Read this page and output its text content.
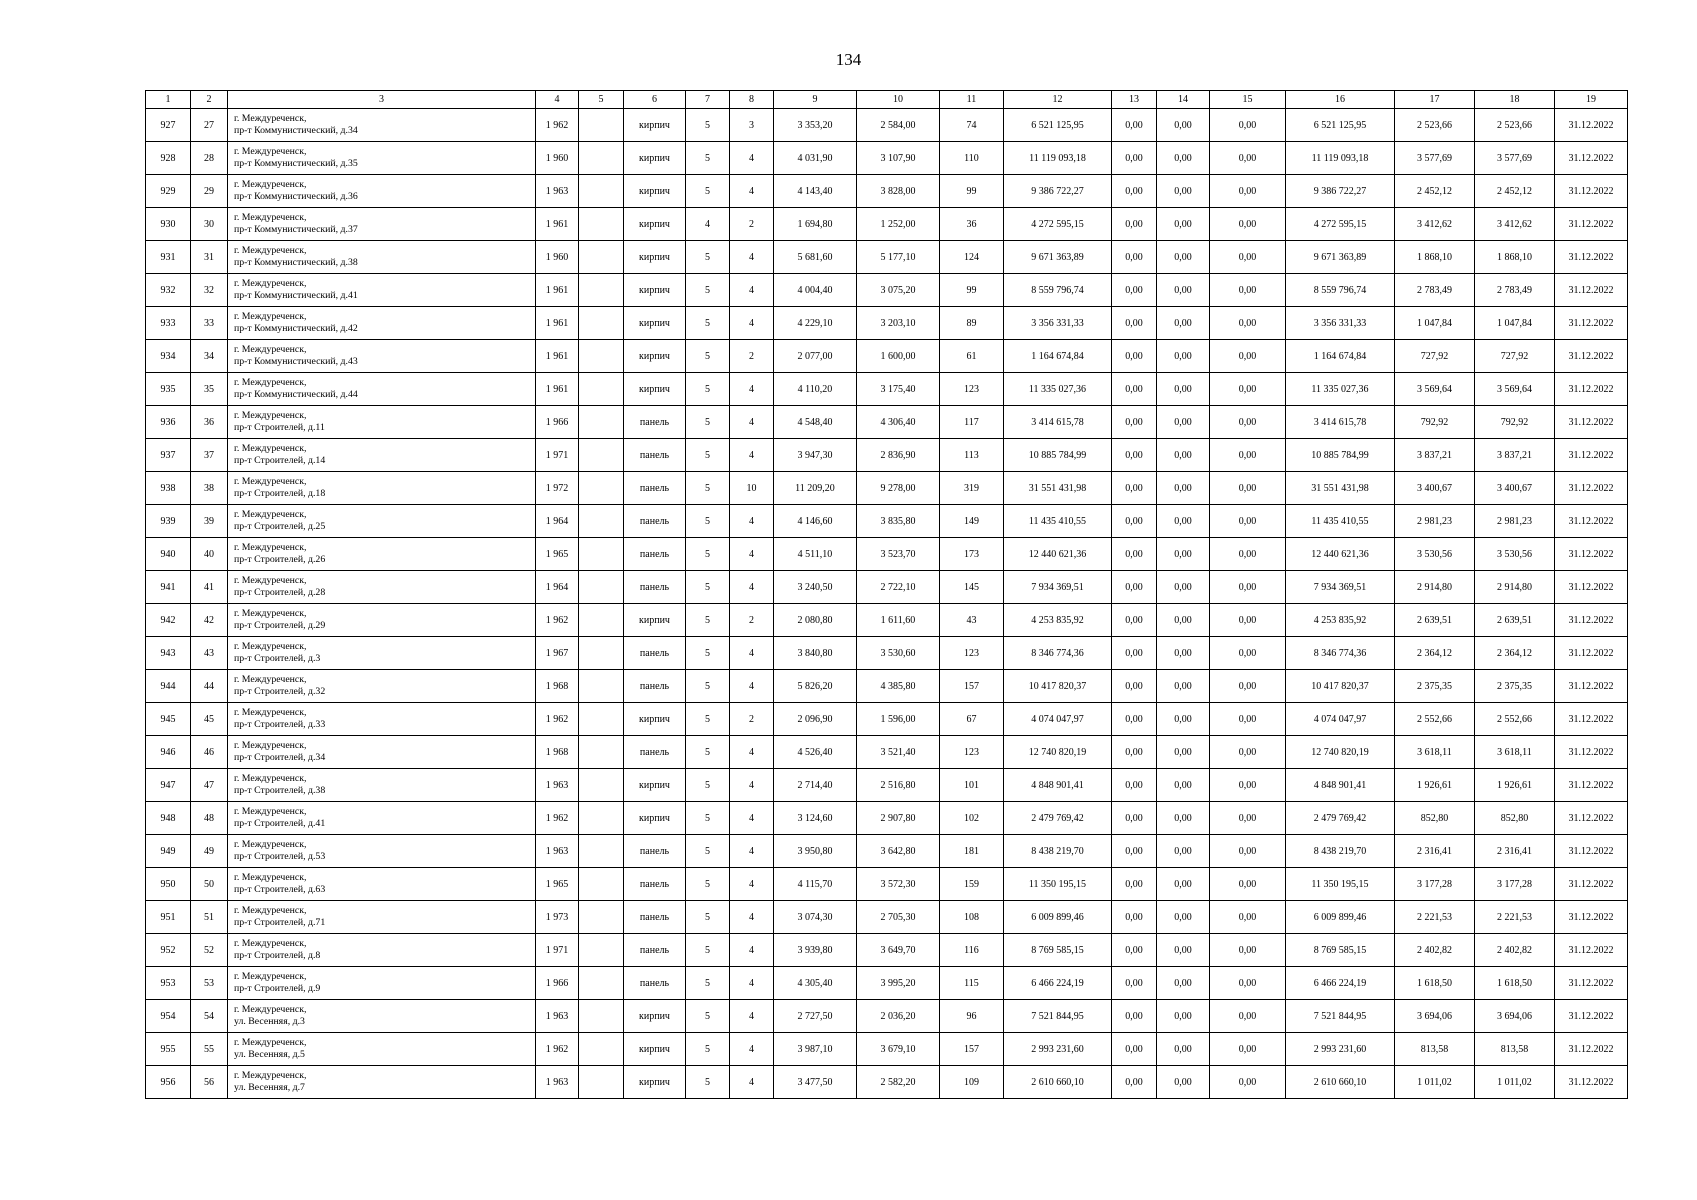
134
1	2	3	4	5	6	7	8	9	10	11	12	13	14	15	16	17	18	19
927	27	г. Междуреченск,
пр-т Коммунистический, д.34	1 962		кирпич	5	3	3 353,20	2 584,00	74	6 521 125,95	0,00	0,00	0,00	6 521 125,95	2 523,66	2 523,66	31.12.2022
928	28	г. Междуреченск,
пр-т Коммунистический, д.35	1 960		кирпич	5	4	4 031,90	3 107,90	110	11 119 093,18	0,00	0,00	0,00	11 119 093,18	3 577,69	3 577,69	31.12.2022
929	29	г. Междуреченск,
пр-т Коммунистический, д.36	1 963		кирпич	5	4	4 143,40	3 828,00	99	9 386 722,27	0,00	0,00	0,00	9 386 722,27	2 452,12	2 452,12	31.12.2022
930	30	г. Междуреченск,
пр-т Коммунистический, д.37	1 961		кирпич	4	2	1 694,80	1 252,00	36	4 272 595,15	0,00	0,00	0,00	4 272 595,15	3 412,62	3 412,62	31.12.2022
931	31	г. Междуреченск,
пр-т Коммунистический, д.38	1 960		кирпич	5	4	5 681,60	5 177,10	124	9 671 363,89	0,00	0,00	0,00	9 671 363,89	1 868,10	1 868,10	31.12.2022
932	32	г. Междуреченск,
пр-т Коммунистический, д.41	1 961		кирпич	5	4	4 004,40	3 075,20	99	8 559 796,74	0,00	0,00	0,00	8 559 796,74	2 783,49	2 783,49	31.12.2022
933	33	г. Междуреченск,
пр-т Коммунистический, д.42	1 961		кирпич	5	4	4 229,10	3 203,10	89	3 356 331,33	0,00	0,00	0,00	3 356 331,33	1 047,84	1 047,84	31.12.2022
934	34	г. Междуреченск,
пр-т Коммунистический, д.43	1 961		кирпич	5	2	2 077,00	1 600,00	61	1 164 674,84	0,00	0,00	0,00	1 164 674,84	727,92	727,92	31.12.2022
935	35	г. Междуреченск,
пр-т Коммунистический, д.44	1 961		кирпич	5	4	4 110,20	3 175,40	123	11 335 027,36	0,00	0,00	0,00	11 335 027,36	3 569,64	3 569,64	31.12.2022
936	36	г. Междуреченск,
пр-т Строителей, д.11	1 966		панель	5	4	4 548,40	4 306,40	117	3 414 615,78	0,00	0,00	0,00	3 414 615,78	792,92	792,92	31.12.2022
937	37	г. Междуреченск,
пр-т Строителей, д.14	1 971		панель	5	4	3 947,30	2 836,90	113	10 885 784,99	0,00	0,00	0,00	10 885 784,99	3 837,21	3 837,21	31.12.2022
938	38	г. Междуреченск,
пр-т Строителей, д.18	1 972		панель	5	10	11 209,20	9 278,00	319	31 551 431,98	0,00	0,00	0,00	31 551 431,98	3 400,67	3 400,67	31.12.2022
939	39	г. Междуреченск,
пр-т Строителей, д.25	1 964		панель	5	4	4 146,60	3 835,80	149	11 435 410,55	0,00	0,00	0,00	11 435 410,55	2 981,23	2 981,23	31.12.2022
940	40	г. Междуреченск,
пр-т Строителей, д.26	1 965		панель	5	4	4 511,10	3 523,70	173	12 440 621,36	0,00	0,00	0,00	12 440 621,36	3 530,56	3 530,56	31.12.2022
941	41	г. Междуреченск,
пр-т Строителей, д.28	1 964		панель	5	4	3 240,50	2 722,10	145	7 934 369,51	0,00	0,00	0,00	7 934 369,51	2 914,80	2 914,80	31.12.2022
942	42	г. Междуреченск,
пр-т Строителей, д.29	1 962		кирпич	5	2	2 080,80	1 611,60	43	4 253 835,92	0,00	0,00	0,00	4 253 835,92	2 639,51	2 639,51	31.12.2022
943	43	г. Междуреченск,
пр-т Строителей, д.3	1 967		панель	5	4	3 840,80	3 530,60	123	8 346 774,36	0,00	0,00	0,00	8 346 774,36	2 364,12	2 364,12	31.12.2022
944	44	г. Междуреченск,
пр-т Строителей, д.32	1 968		панель	5	4	5 826,20	4 385,80	157	10 417 820,37	0,00	0,00	0,00	10 417 820,37	2 375,35	2 375,35	31.12.2022
945	45	г. Междуреченск,
пр-т Строителей, д.33	1 962		кирпич	5	2	2 096,90	1 596,00	67	4 074 047,97	0,00	0,00	0,00	4 074 047,97	2 552,66	2 552,66	31.12.2022
946	46	г. Междуреченск,
пр-т Строителей, д.34	1 968		панель	5	4	4 526,40	3 521,40	123	12 740 820,19	0,00	0,00	0,00	12 740 820,19	3 618,11	3 618,11	31.12.2022
947	47	г. Междуреченск,
пр-т Строителей, д.38	1 963		кирпич	5	4	2 714,40	2 516,80	101	4 848 901,41	0,00	0,00	0,00	4 848 901,41	1 926,61	1 926,61	31.12.2022
948	48	г. Междуреченск,
пр-т Строителей, д.41	1 962		кирпич	5	4	3 124,60	2 907,80	102	2 479 769,42	0,00	0,00	0,00	2 479 769,42	852,80	852,80	31.12.2022
949	49	г. Междуреченск,
пр-т Строителей, д.53	1 963		панель	5	4	3 950,80	3 642,80	181	8 438 219,70	0,00	0,00	0,00	8 438 219,70	2 316,41	2 316,41	31.12.2022
950	50	г. Междуреченск,
пр-т Строителей, д.63	1 965		панель	5	4	4 115,70	3 572,30	159	11 350 195,15	0,00	0,00	0,00	11 350 195,15	3 177,28	3 177,28	31.12.2022
951	51	г. Междуреченск,
пр-т Строителей, д.71	1 973		панель	5	4	3 074,30	2 705,30	108	6 009 899,46	0,00	0,00	0,00	6 009 899,46	2 221,53	2 221,53	31.12.2022
952	52	г. Междуреченск,
пр-т Строителей, д.8	1 971		панель	5	4	3 939,80	3 649,70	116	8 769 585,15	0,00	0,00	0,00	8 769 585,15	2 402,82	2 402,82	31.12.2022
953	53	г. Междуреченск,
пр-т Строителей, д.9	1 966		панель	5	4	4 305,40	3 995,20	115	6 466 224,19	0,00	0,00	0,00	6 466 224,19	1 618,50	1 618,50	31.12.2022
954	54	г. Междуреченск,
ул. Весенняя, д.3	1 963		кирпич	5	4	2 727,50	2 036,20	96	7 521 844,95	0,00	0,00	0,00	7 521 844,95	3 694,06	3 694,06	31.12.2022
955	55	г. Междуреченск,
ул. Весенняя, д.5	1 962		кирпич	5	4	3 987,10	3 679,10	157	2 993 231,60	0,00	0,00	0,00	2 993 231,60	813,58	813,58	31.12.2022
956	56	г. Междуреченск,
ул. Весенняя, д.7	1 963		кирпич	5	4	3 477,50	2 582,20	109	2 610 660,10	0,00	0,00	0,00	2 610 660,10	1 011,02	1 011,02	31.12.2022
